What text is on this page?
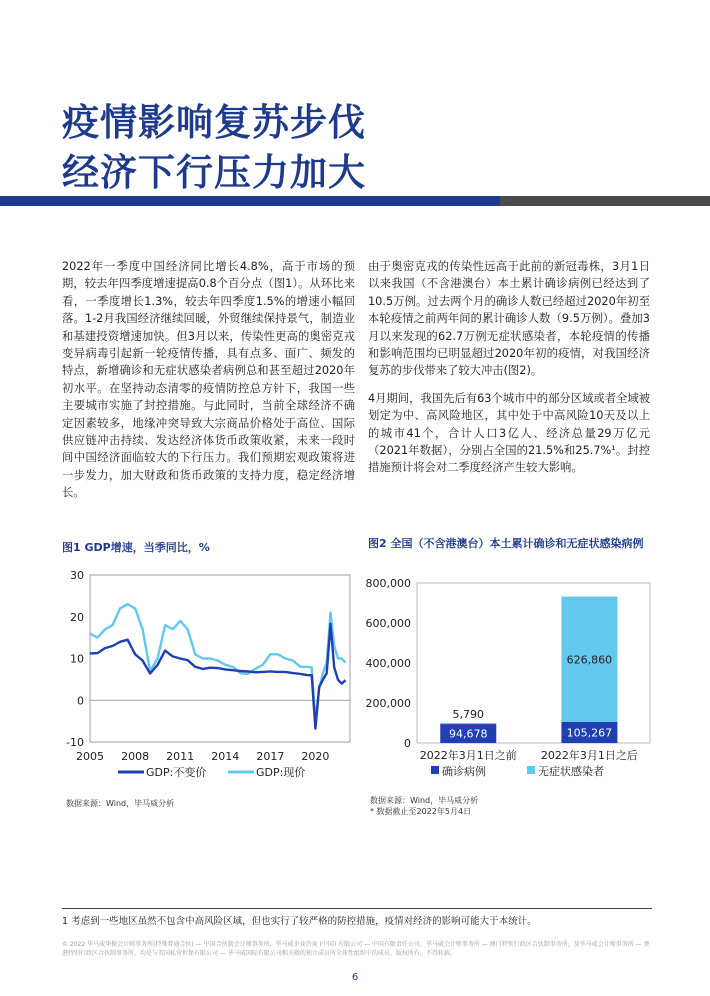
疫情影响复苏步伐
经济下行压力加大

2022年一季度中国经济同比增长4.8%，高于市场的预期，较去年四季度增速提高0.8个百分点（图1）。从环比来看，一季度增长1.3%，较去年四季度1.5%的增速小幅回落。1-2月我国经济继续回暖，外贸继续保持景气，制造业和基建投资增速加快。但3月以来，传染性更高的奥密克戎变异病毒引起新一轮疫情传播，具有点多、面广、频发的特点，新增确诊和无症状感染者病例总和甚至超过2020年初水平。在坚持动态清零的疫情防控总方针下，我国一些主要城市实施了封控措施。与此同时，当前全球经济不确定因素较多，地缘冲突导致大宗商品价格处于高位、国际供应链冲击持续、发达经济体货币政策收紧，未来一段时间中国经济面临较大的下行压力。我们预期宏观政策将进一步发力，加大财政和货币政策的支持力度，稳定经济增长。

由于奥密克戎的传染性远高于此前的新冠毒株，3月1日以来我国（不含港澳台）本土累计确诊病例已经达到了10.5万例。过去两个月的确诊人数已经超过2020年初至本轮疫情之前两年间的累计确诊人数（9.5万例）。叠加3月以来发现的62.7万例无症状感染者，本轮疫情的传播和影响范围均已明显超过2020年初的疫情，对我国经济复苏的步伐带来了较大冲击(图2)。

4月期间，我国先后有63个城市中的部分区域或者全域被划定为中、高风险地区，其中处于中高风险10天及以上的城市41个，合计人口3亿人、经济总量29万亿元（2021年数据），分别占全国的21.5%和25.7%¹。封控措施预计将会对二季度经济产生较大影响。

图1 GDP增速，当季同比，%
-10
0
10
20
30
2005 2008 2011 2014 2017 2020
GDP:不变价	GDP:现价
数据来源：Wind，毕马威分析
图2 全国（不含港澳台）本土累计确诊和无症状感染病例
0
200,000
400,000
600,000
800,000
94,678
5,790
2022年3月1日之前
105,267
626,860
2022年3月1日之后
确诊病例	无症状感染者
数据来源：Wind，毕马威分析
* 数据截止至2022年5月4日
1 考虑到一些地区虽然不包含中高风险区域，但也实行了较严格的防控措施，疫情对经济的影响可能大于本统计。
© 2022 毕马威华振会计师事务所(特殊普通合伙) — 中国合伙制会计师事务所，毕马威企业咨询 (中国) 有限公司 — 中国有限责任公司，毕马威会计师事务所 — 澳门特别行政区合伙制事务所，及毕马威会计师事务所 — 香港特别行政区合伙制事务所，均是与英国私营担保有限公司 — 毕马威国际有限公司相关联的独立成员所全球性组织中的成员。版权所有，不得转载。
6
